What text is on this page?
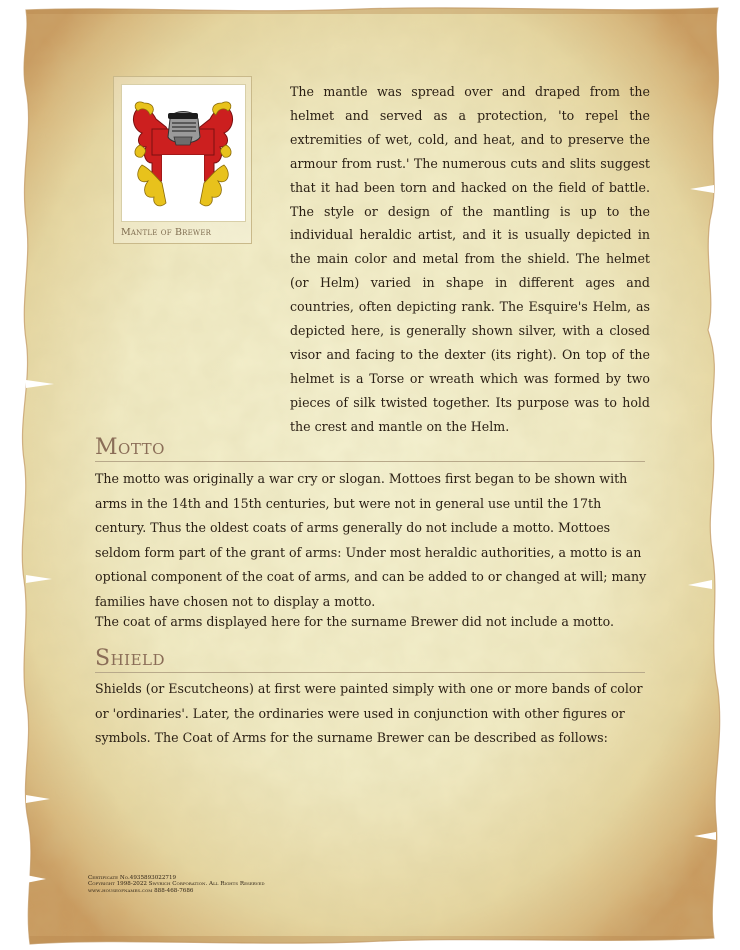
Mantle of Brewer

The mantle was spread over and draped from the helmet and served as a protection, 'to repel the extremities of wet, cold, and heat, and to preserve the armour from rust.' The numerous cuts and slits suggest that it had been torn and hacked on the field of battle. The style or design of the mantling is up to the individual heraldic artist, and it is usually depicted in the main color and metal from the shield. The helmet (or Helm) varied in shape in different ages and countries, often depicting rank. The Esquire's Helm, as depicted here, is generally shown silver, with a closed visor and facing to the dexter (its right). On top of the helmet is a Torse or wreath which was formed by two pieces of silk twisted together. Its purpose was to hold the crest and mantle on the Helm.

Motto

The motto was originally a war cry or slogan. Mottoes first began to be shown with arms in the 14th and 15th centuries, but were not in general use until the 17th century. Thus the oldest coats of arms generally do not include a motto. Mottoes seldom form part of the grant of arms: Under most heraldic authorities, a motto is an optional component of the coat of arms, and can be added to or changed at will; many families have chosen not to display a motto.

The coat of arms displayed here for the surname Brewer did not include a motto.

Shield

Shields (or Escutcheons) at first were painted simply with one or more bands of color or 'ordinaries'. Later, the ordinaries were used in conjunction with other figures or symbols. The Coat of Arms for the surname Brewer can be described as follows:

Certificate No.4935893022719
Copyright 1998-2022 Swyrich Corporation. All Rights Reserved
www.houseofnames.com 888-468-7686
